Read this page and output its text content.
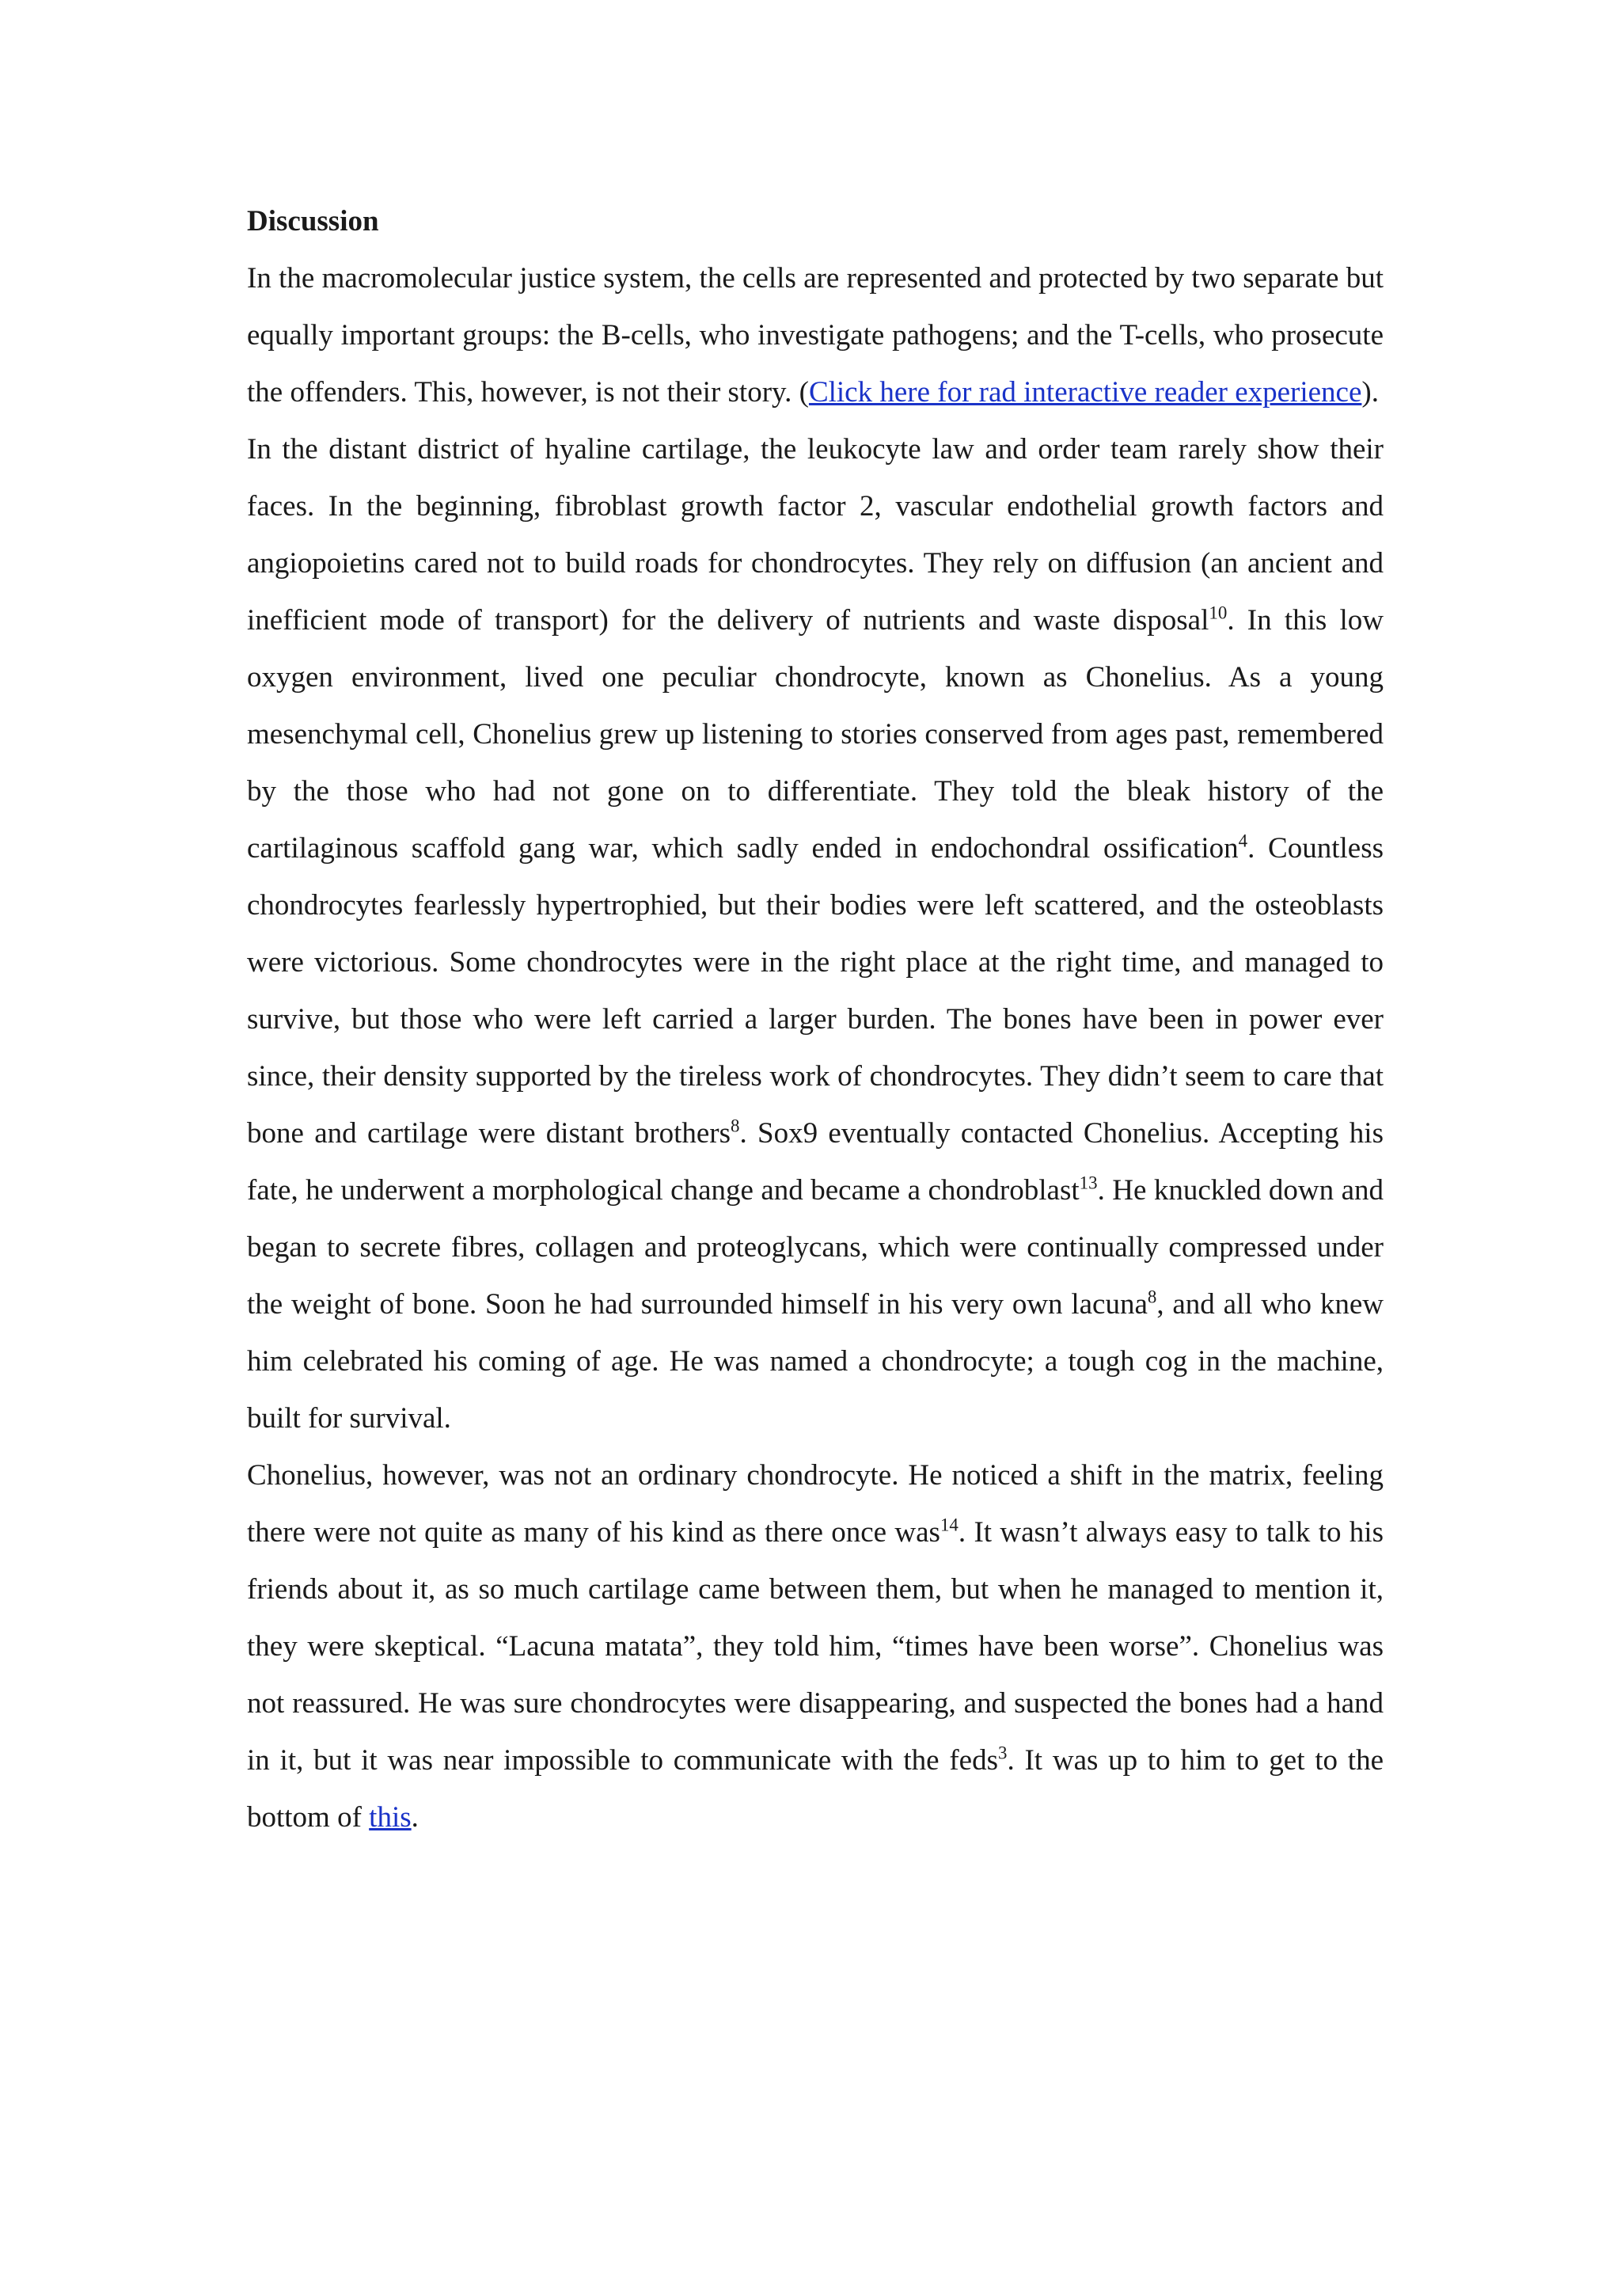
Discussion

In the macromolecular justice system, the cells are represented and protected by two separate but equally important groups: the B-cells, who investigate pathogens; and the T-cells, who prosecute the offenders. This, however, is not their story. (Click here for rad interactive reader experience).

In the distant district of hyaline cartilage, the leukocyte law and order team rarely show their faces. In the beginning, fibroblast growth factor 2, vascular endothelial growth factors and angiopoietins cared not to build roads for chondrocytes. They rely on diffusion (an ancient and inefficient mode of transport) for the delivery of nutrients and waste disposal$^{10}$. In this low oxygen environment, lived one peculiar chondrocyte, known as Chonelius. As a young mesenchymal cell, Chonelius grew up listening to stories conserved from ages past, remembered by the those who had not gone on to differentiate. They told the bleak history of the cartilaginous scaffold gang war, which sadly ended in endochondral ossification$^4$. Countless chondrocytes fearlessly hypertrophied, but their bodies were left scattered, and the osteoblasts were victorious. Some chondrocytes were in the right place at the right time, and managed to survive, but those who were left carried a larger burden. The bones have been in power ever since, their density supported by the tireless work of chondrocytes. They didn’t seem to care that bone and cartilage were distant brothers$^8$. Sox9 eventually contacted Chonelius. Accepting his fate, he underwent a morphological change and became a chondroblast$^{13}$. He knuckled down and began to secrete fibres, collagen and proteoglycans, which were continually compressed under the weight of bone. Soon he had surrounded himself in his very own lacuna$^8$, and all who knew him celebrated his coming of age. He was named a chondrocyte; a tough cog in the machine, built for survival.

Chonelius, however, was not an ordinary chondrocyte. He noticed a shift in the matrix, feeling there were not quite as many of his kind as there once was$^{14}$. It wasn’t always easy to talk to his friends about it, as so much cartilage came between them, but when he managed to mention it, they were skeptical. “Lacuna matata”, they told him, “times have been worse”. Chonelius was not reassured. He was sure chondrocytes were disappearing, and suspected the bones had a hand in it, but it was near impossible to communicate with the feds$^3$. It was up to him to get to the bottom of this.
